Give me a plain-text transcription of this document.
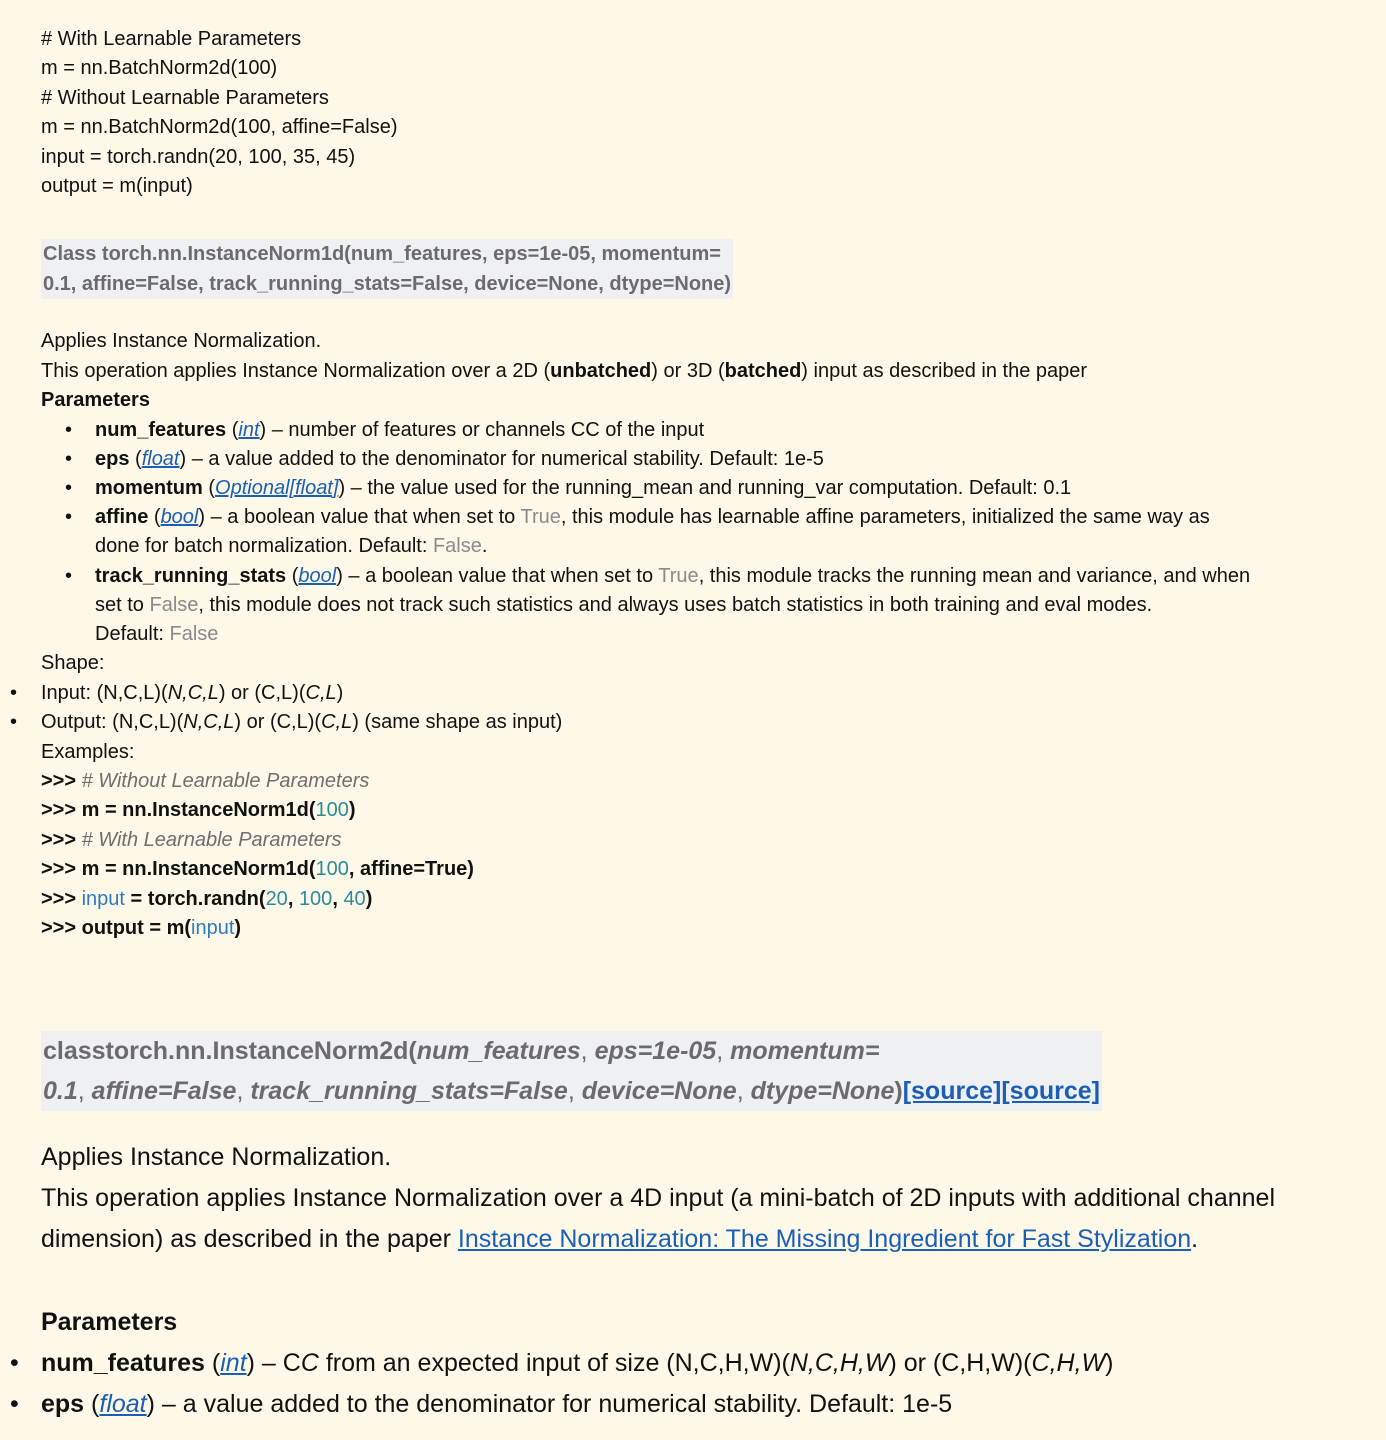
# With Learnable Parameters
m = nn.BatchNorm2d(100)
# Without Learnable Parameters
m = nn.BatchNorm2d(100, affine=False)
input = torch.randn(20, 100, 35, 45)
output = m(input)
Class torch.nn.InstanceNorm1d(num_features, eps=1e-05, momentum=
0.1, affine=False, track_running_stats=False, device=None, dtype=None)
Applies Instance Normalization.
This operation applies Instance Normalization over a 2D (unbatched) or 3D (batched) input as described in the paper
Parameters
• num_features (int) – number of features or channels CC of the input
• eps (float) – a value added to the denominator for numerical stability. Default: 1e-5
• momentum (Optional[float]) – the value used for the running_mean and running_var computation. Default: 0.1
• affine (bool) – a boolean value that when set to True, this module has learnable affine parameters, initialized the same way as
done for batch normalization. Default: False.
• track_running_stats (bool) – a boolean value that when set to True, this module tracks the running mean and variance, and when
set to False, this module does not track such statistics and always uses batch statistics in both training and eval modes.
Default: False
Shape:
• Input: (N,C,L)(N,C,L) or (C,L)(C,L)
• Output: (N,C,L)(N,C,L) or (C,L)(C,L) (same shape as input)
Examples:
>>> # Without Learnable Parameters
>>> m = nn.InstanceNorm1d(100)
>>> # With Learnable Parameters
>>> m = nn.InstanceNorm1d(100, affine=True)
>>> input = torch.randn(20, 100, 40)
>>> output = m(input)
classtorch.nn.InstanceNorm2d(num_features, eps=1e-05, momentum=
0.1, affine=False, track_running_stats=False, device=None, dtype=None)[source][source]
Applies Instance Normalization.
This operation applies Instance Normalization over a 4D input (a mini-batch of 2D inputs with additional channel
dimension) as described in the paper Instance Normalization: The Missing Ingredient for Fast Stylization.
Parameters
• num_features (int) – CC from an expected input of size (N,C,H,W)(N,C,H,W) or (C,H,W)(C,H,W)
• eps (float) – a value added to the denominator for numerical stability. Default: 1e-5
